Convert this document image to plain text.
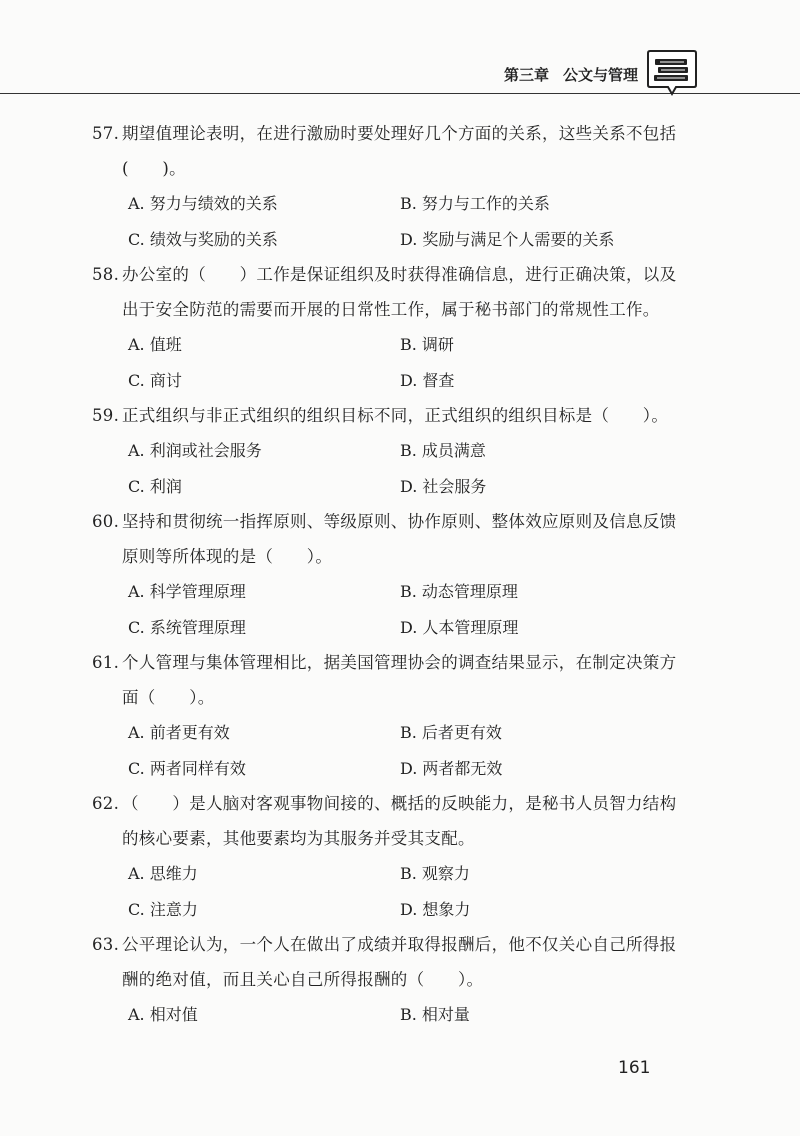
第三章 公文与管理
57. 期望值理论表明，在进行激励时要处理好几个方面的关系，这些关系不包括
(　　)。
A. 努力与绩效的关系	B. 努力与工作的关系
C. 绩效与奖励的关系	D. 奖励与满足个人需要的关系
58. 办公室的（　　）工作是保证组织及时获得准确信息，进行正确决策，以及
出于安全防范的需要而开展的日常性工作，属于秘书部门的常规性工作。
A. 值班	B. 调研
C. 商讨	D. 督查
59. 正式组织与非正式组织的组织目标不同，正式组织的组织目标是（　　）。
A. 利润或社会服务	B. 成员满意
C. 利润	D. 社会服务
60. 坚持和贯彻统一指挥原则、等级原则、协作原则、整体效应原则及信息反馈
原则等所体现的是（　　）。
A. 科学管理原理	B. 动态管理原理
C. 系统管理原理	D. 人本管理原理
61. 个人管理与集体管理相比，据美国管理协会的调查结果显示，在制定决策方
面（　　）。
A. 前者更有效	B. 后者更有效
C. 两者同样有效	D. 两者都无效
62. （　　）是人脑对客观事物间接的、概括的反映能力，是秘书人员智力结构
的核心要素，其他要素均为其服务并受其支配。
A. 思维力	B. 观察力
C. 注意力	D. 想象力
63. 公平理论认为，一个人在做出了成绩并取得报酬后，他不仅关心自己所得报
酬的绝对值，而且关心自己所得报酬的（　　）。
A. 相对值	B. 相对量
161
